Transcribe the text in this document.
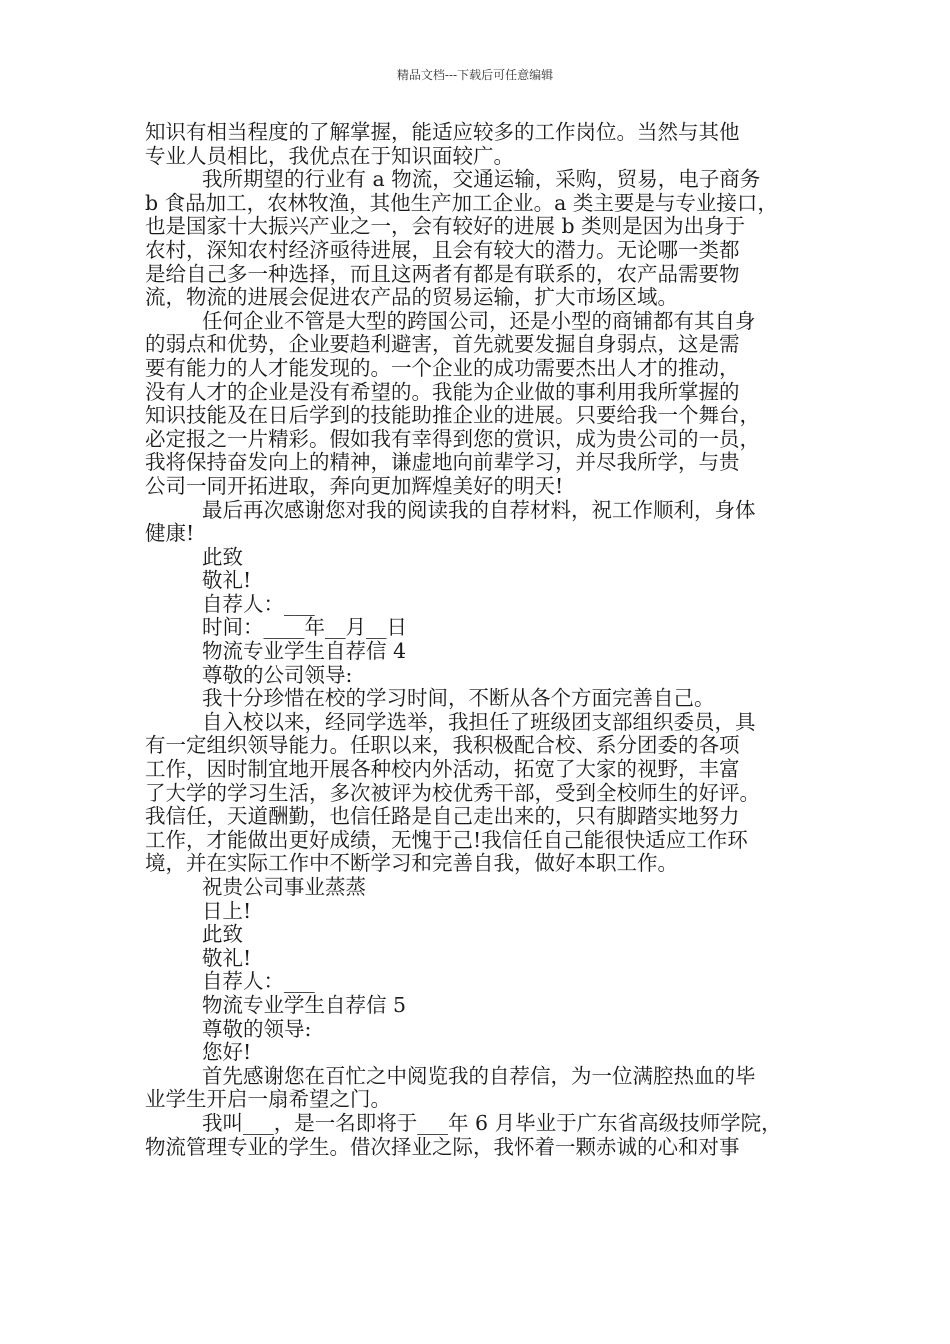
精品文档---下载后可任意编辑
知识有相当程度的了解掌握，能适应较多的工作岗位。当然与其他
专业人员相比，我优点在于知识面较广。
我所期望的行业有 a 物流，交通运输，采购，贸易，电子商务
b 食品加工，农林牧渔，其他生产加工企业。a 类主要是与专业接口，
也是国家十大振兴产业之一，会有较好的进展 b 类则是因为出身于
农村，深知农村经济亟待进展，且会有较大的潜力。无论哪一类都
是给自己多一种选择，而且这两者有都是有联系的，农产品需要物
流，物流的进展会促进农产品的贸易运输，扩大市场区域。
任何企业不管是大型的跨国公司，还是小型的商铺都有其自身
的弱点和优势，企业要趋利避害，首先就要发掘自身弱点，这是需
要有能力的人才能发现的。一个企业的成功需要杰出人才的推动，
没有人才的企业是没有希望的。我能为企业做的事利用我所掌握的
知识技能及在日后学到的技能助推企业的进展。只要给我一个舞台，
必定报之一片精彩。假如我有幸得到您的赏识，成为贵公司的一员，
我将保持奋发向上的精神，谦虚地向前辈学习，并尽我所学，与贵
公司一同开拓进取，奔向更加辉煌美好的明天!
最后再次感谢您对我的阅读我的自荐材料，祝工作顺利，身体
健康!
此致
敬礼!
自荐人：___
时间：____年__月__日
物流专业学生自荐信 4
尊敬的公司领导:
我十分珍惜在校的学习时间，不断从各个方面完善自己。
自入校以来，经同学选举，我担任了班级团支部组织委员，具
有一定组织领导能力。任职以来，我积极配合校、系分团委的各项
工作，因时制宜地开展各种校内外活动，拓宽了大家的视野，丰富
了大学的学习生活，多次被评为校优秀干部，受到全校师生的好评。
我信任，天道酬勤，也信任路是自己走出来的，只有脚踏实地努力
工作，才能做出更好成绩，无愧于己!我信任自己能很快适应工作环
境，并在实际工作中不断学习和完善自我，做好本职工作。
祝贵公司事业蒸蒸
日上!
此致
敬礼!
自荐人：___
物流专业学生自荐信 5
尊敬的领导:
您好!
首先感谢您在百忙之中阅览我的自荐信，为一位满腔热血的毕
业学生开启一扇希望之门。
我叫___，是一名即将于___年 6 月毕业于广东省高级技师学院，
物流管理专业的学生。借次择业之际，我怀着一颗赤诚的心和对事
